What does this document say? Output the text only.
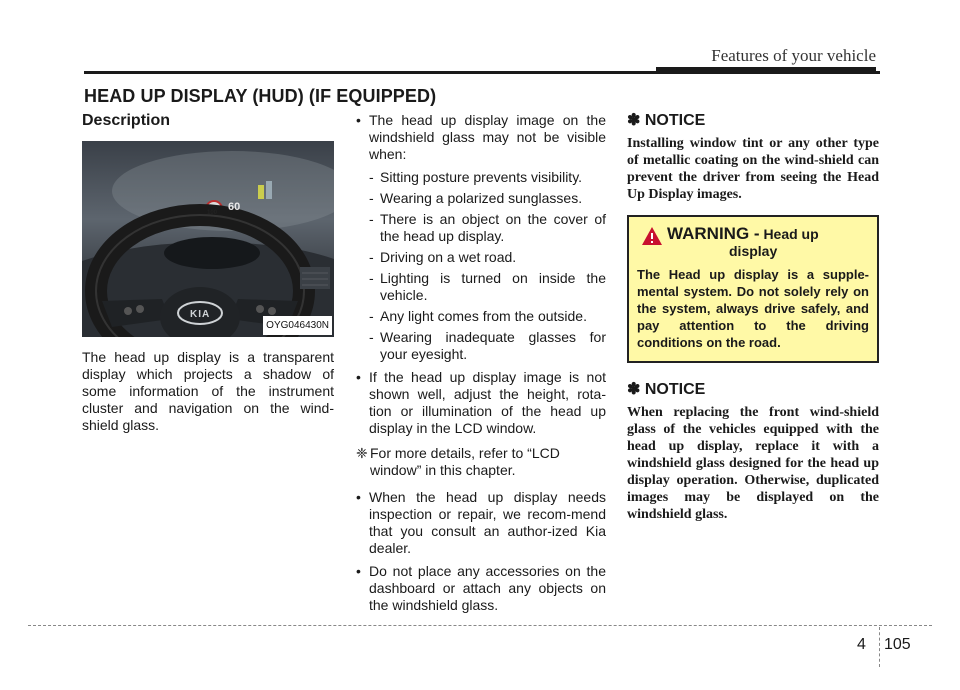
Features of your vehicle
HEAD UP DISPLAY (HUD) (IF EQUIPPED)
Description
60
100
KIA
OYG046430N

The head up display is a transparent display which projects a shadow of some information of the instrument cluster and navigation on the wind-shield glass.

• The head up display image on the windshield glass may not be visible when:
- Sitting posture prevents visibility.
- Wearing a polarized sunglasses.
- There is an object on the cover of the head up display.
- Driving on a wet road.
- Lighting is turned on inside the vehicle.
- Any light comes from the outside.
- Wearing inadequate glasses for your eyesight.
• If the head up display image is not shown well, adjust the height, rota-tion or illumination of the head up display in the LCD window.
❈ For more details, refer to “LCD window” in this chapter.
• When the head up display needs inspection or repair, we recom-mend that you consult an author-ized Kia dealer.
• Do not place any accessories on the dashboard or attach any objects on the windshield glass.
✽ NOTICE

Installing window tint or any other type of metallic coating on the wind-shield can prevent the driver from seeing the Head Up Display images.

WARNING - Head up
display
The Head up display is a supple-mental system. Do not solely rely on the system, always drive safely, and pay attention to the driving conditions on the road.
✽ NOTICE

When replacing the front wind-shield glass of the vehicles equipped with the head up display, replace it with a windshield glass designed for the head up display operation. Otherwise, duplicated images may be displayed on the windshield glass.

4 105
